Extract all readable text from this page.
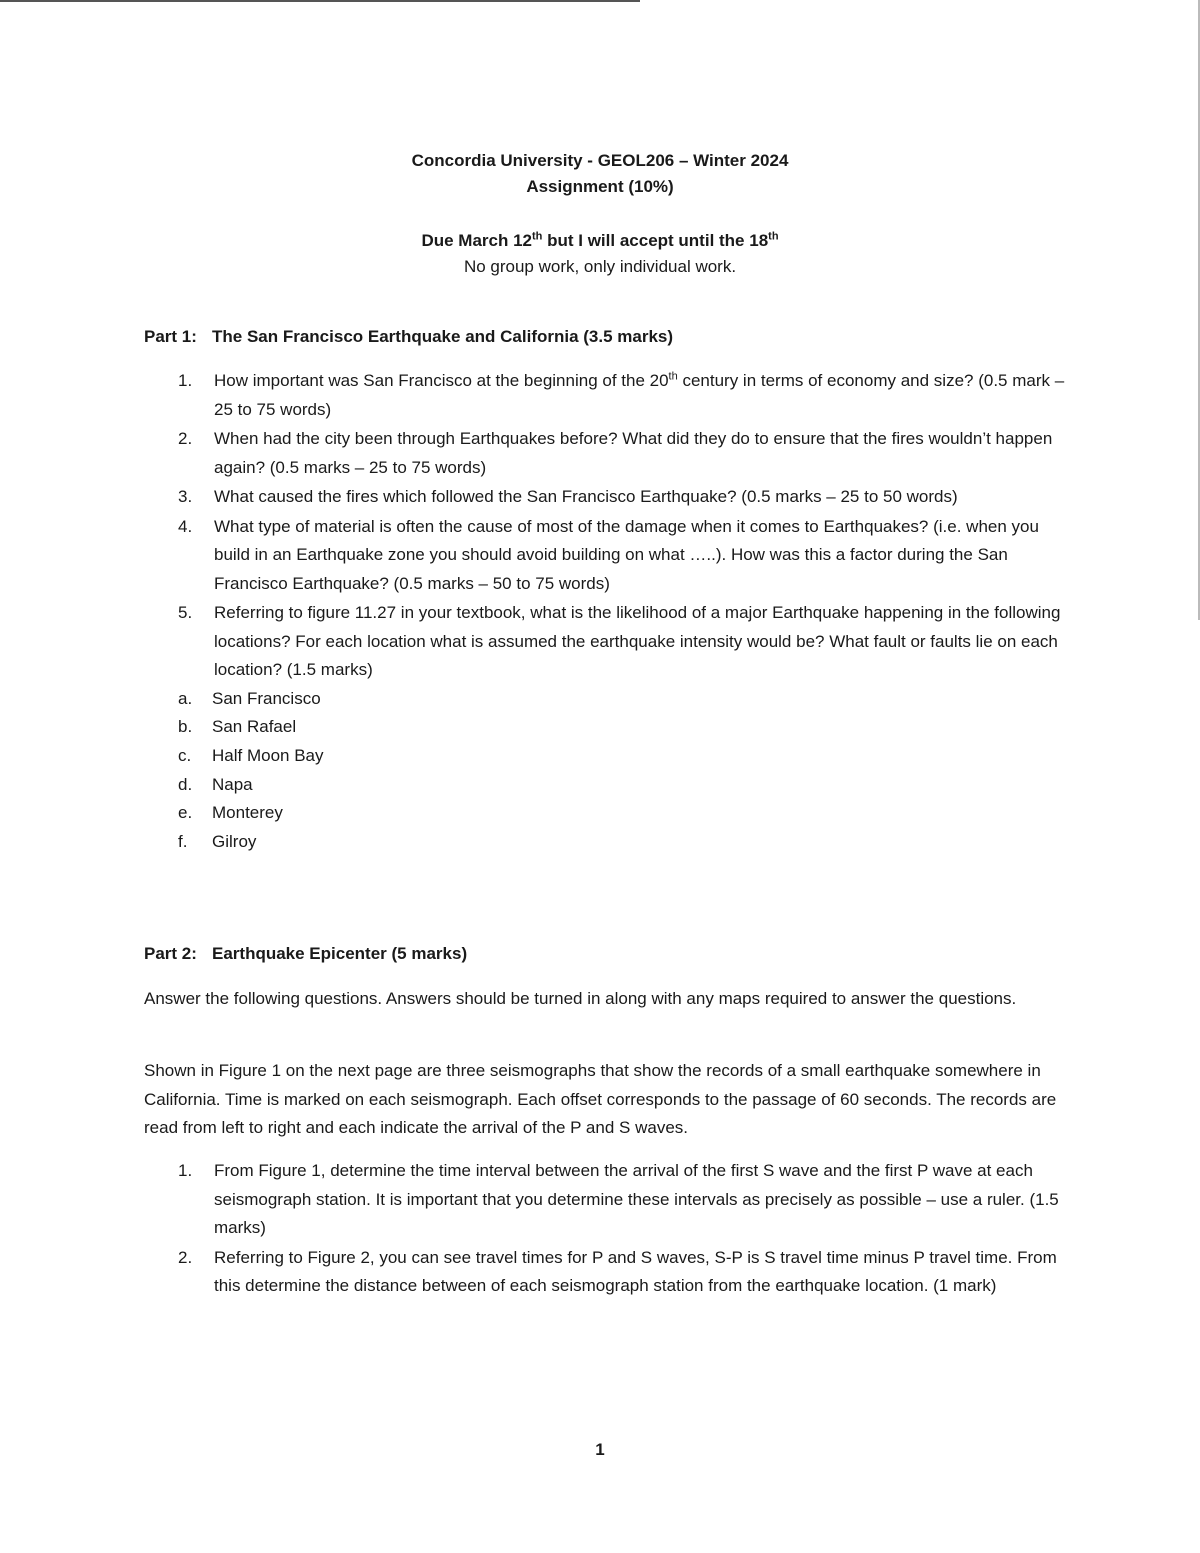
Concordia University - GEOL206 – Winter 2024
Assignment (10%)
Due March 12th but I will accept until the 18th
No group work, only individual work.
Part 1: The San Francisco Earthquake and California (3.5 marks)
1. How important was San Francisco at the beginning of the 20th century in terms of economy and size? (0.5 mark – 25 to 75 words)
2. When had the city been through Earthquakes before? What did they do to ensure that the fires wouldn’t happen again? (0.5 marks – 25 to 75 words)
3. What caused the fires which followed the San Francisco Earthquake? (0.5 marks – 25 to 50 words)
4. What type of material is often the cause of most of the damage when it comes to Earthquakes? (i.e. when you build in an Earthquake zone you should avoid building on what …..). How was this a factor during the San Francisco Earthquake? (0.5 marks – 50 to 75 words)
5. Referring to figure 11.27 in your textbook, what is the likelihood of a major Earthquake happening in the following locations? For each location what is assumed the earthquake intensity would be? What fault or faults lie on each location? (1.5 marks)
a. San Francisco
b. San Rafael
c. Half Moon Bay
d. Napa
e. Monterey
f. Gilroy
Part 2: Earthquake Epicenter (5 marks)

Answer the following questions. Answers should be turned in along with any maps required to answer the questions.

Shown in Figure 1 on the next page are three seismographs that show the records of a small earthquake somewhere in California. Time is marked on each seismograph. Each offset corresponds to the passage of 60 seconds. The records are read from left to right and each indicate the arrival of the P and S waves.

1. From Figure 1, determine the time interval between the arrival of the first S wave and the first P wave at each seismograph station. It is important that you determine these intervals as precisely as possible – use a ruler. (1.5 marks)
2. Referring to Figure 2, you can see travel times for P and S waves, S-P is S travel time minus P travel time. From this determine the distance between of each seismograph station from the earthquake location. (1 mark)
1
